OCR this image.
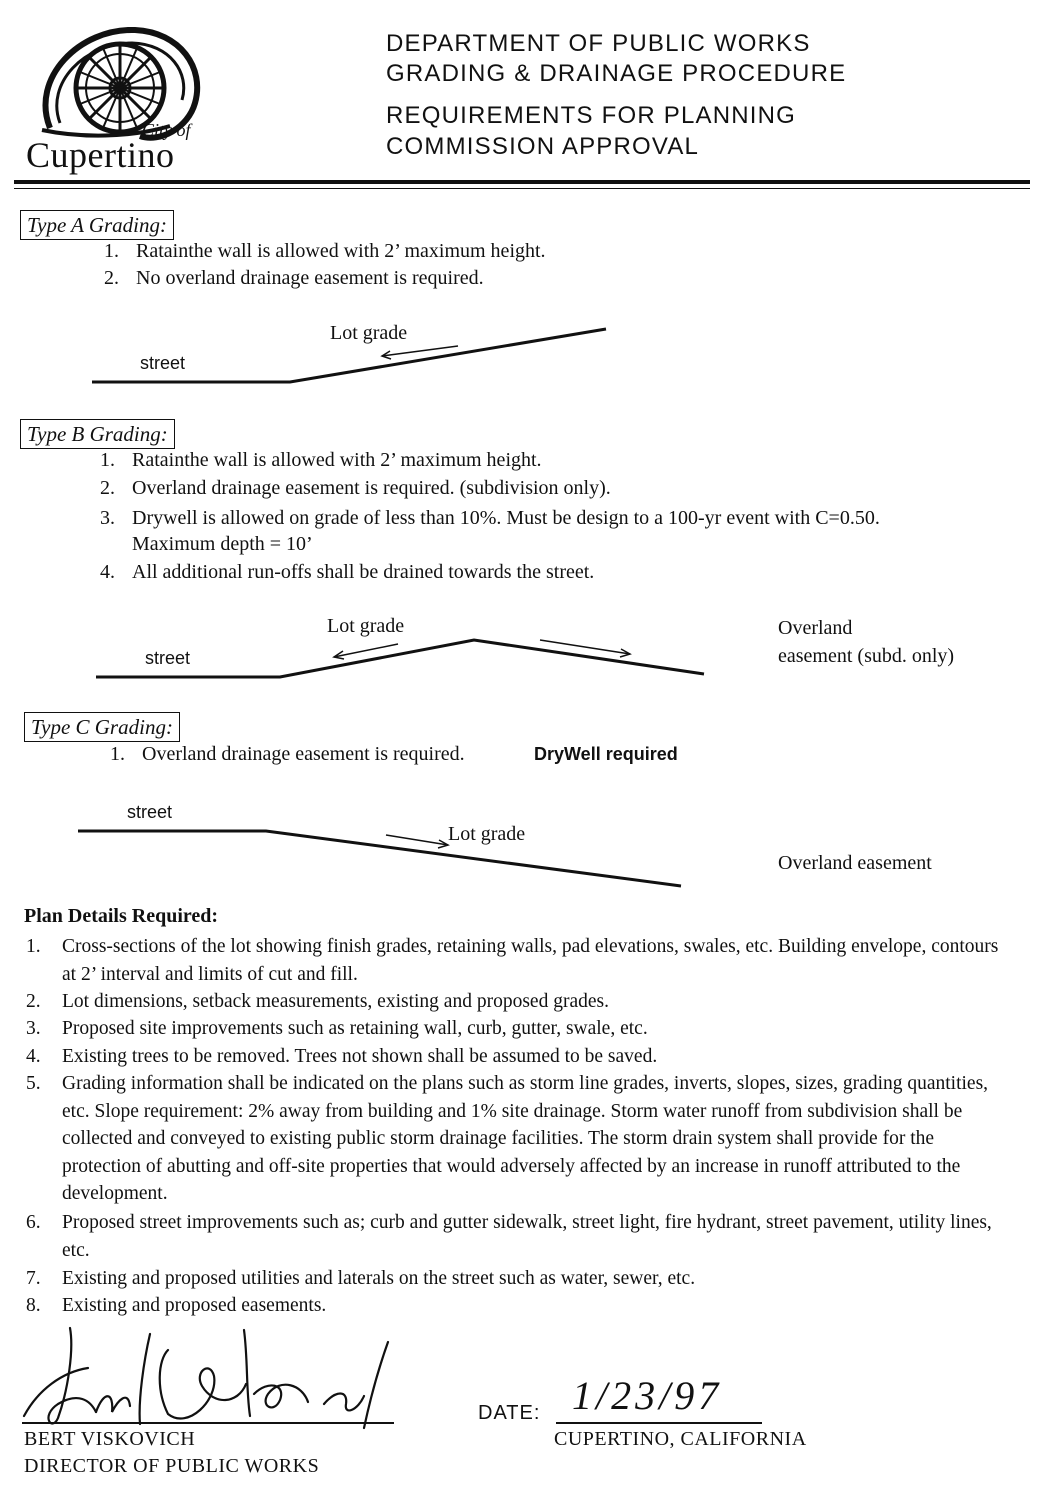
City of
Cupertino
DEPARTMENT OF PUBLIC WORKS
GRADING & DRAINAGE PROCEDURE
REQUIREMENTS FOR PLANNING
COMMISSION APPROVAL
Type A Grading:
1. Ratainthe wall is allowed with 2’ maximum height.
2. No overland drainage easement is required.
Lot grade
street
Type B Grading:
1. Ratainthe wall is allowed with 2’ maximum height.
2. Overland drainage easement is required. (subdivision only).
3. Drywell is allowed on grade of less than 10%. Must be design to a 100-yr event with C=0.50.
Maximum depth = 10’
4. All additional run-offs shall be drained towards the street.
Lot grade
street
Overland
easement (subd. only)
Type C Grading:
1. Overland drainage easement is required.	DryWell required
street
Lot grade
Overland easement
Plan Details Required:
1. Cross-sections of the lot showing finish grades, retaining walls, pad elevations, swales, etc. Building envelope, contours at 2’ interval and limits of cut and fill.
2. Lot dimensions, setback measurements, existing and proposed grades.
3. Proposed site improvements such as retaining wall, curb, gutter, swale, etc.
4. Existing trees to be removed. Trees not shown shall be assumed to be saved.
5. Grading information shall be indicated on the plans such as storm line grades, inverts, slopes, sizes, grading quantities, etc. Slope requirement: 2% away from building and 1% site drainage. Storm water runoff from subdivision shall be collected and conveyed to existing public storm drainage facilities. The storm drain system shall provide for the protection of abutting and off-site properties that would adversely affected by an increase in runoff attributed to the development.
6. Proposed street improvements such as; curb and gutter sidewalk, street light, fire hydrant, street pavement, utility lines, etc.
7. Existing and proposed utilities and laterals on the street such as water, sewer, etc.
8. Existing and proposed easements.
BERT VISKOVICH
DIRECTOR OF PUBLIC WORKS
DATE: 1/23/97
CUPERTINO, CALIFORNIA
